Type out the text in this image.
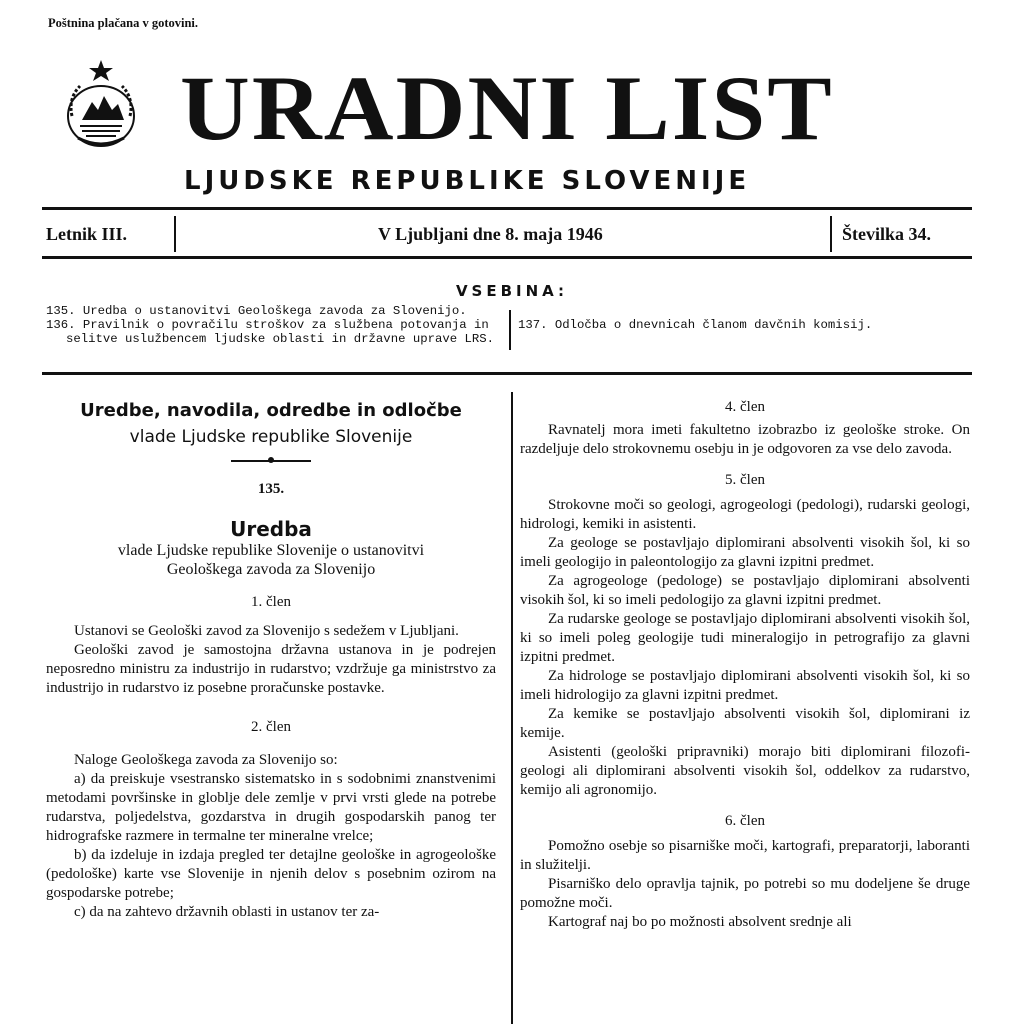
Poštnina plačana v gotovini.
URADNI LIST
LJUDSKE REPUBLIKE SLOVENIJE
Letnik III.	V Ljubljani dne 8. maja 1946	Številka 34.
VSEBINA:
135. Uredba o ustanovitvi Geološkega zavoda za Slovenijo.
136. Pravilnik o povračilu stroškov za službena potovanja in
selitve uslužbencem ljudske oblasti in državne uprave LRS.
137. Odločba o dnevnicah članom davčnih komisij.
Uredbe, navodila, odredbe in odločbe
vlade Ljudske republike Slovenije
135.
Uredba
vlade Ljudske republike Slovenije o ustanovitvi
Geološkega zavoda za Slovenijo
1. člen

Ustanovi se Geološki zavod za Slovenijo s sedežem v Ljubljani.

Geološki zavod je samostojna državna ustanova in je podrejen neposredno ministru za industrijo in rudarstvo; vzdržuje ga ministrstvo za industrijo in rudarstvo iz posebne proračunske postavke.

2. člen

Naloge Geološkega zavoda za Slovenijo so:

a) da preiskuje vsestransko sistematsko in s sodobnimi znanstvenimi metodami površinske in globlje dele zemlje v prvi vrsti glede na potrebe rudarstva, poljedelstva, gozdarstva in drugih gospodarskih panog ter hidrografske razmere in termalne ter mineralne vrelce;

b) da izdeluje in izdaja pregled ter detajlne geološke in agrogeološke (pedološke) karte vse Slovenije in njenih delov s posebnim ozirom na gospodarske potrebe;

c) da na zahtevo državnih oblasti in ustanov ter za-

4. člen

Ravnatelj mora imeti fakultetno izobrazbo iz geološke stroke. On razdeljuje delo strokovnemu osebju in je odgovoren za vse delo zavoda.

5. člen

Strokovne moči so geologi, agrogeologi (pedologi), rudarski geologi, hidrologi, kemiki in asistenti.

Za geologe se postavljajo diplomirani absolventi visokih šol, ki so imeli geologijo in paleontologijo za glavni izpitni predmet.

Za agrogeologe (pedologe) se postavljajo diplomirani absolventi visokih šol, ki so imeli pedologijo za glavni izpitni predmet.

Za rudarske geologe se postavljajo diplomirani absolventi visokih šol, ki so imeli poleg geologije tudi mineralogijo in petrografijo za glavni izpitni predmet.

Za hidrologe se postavljajo diplomirani absolventi visokih šol, ki so imeli hidrologijo za glavni izpitni predmet.

Za kemike se postavljajo absolventi visokih šol, diplomirani iz kemije.

Asistenti (geološki pripravniki) morajo biti diplomirani filozofi-geologi ali diplomirani absolventi visokih šol, oddelkov za rudarstvo, kemijo ali agronomijo.

6. člen

Pomožno osebje so pisarniške moči, kartografi, preparatorji, laboranti in služitelji.

Pisarniško delo opravlja tajnik, po potrebi so mu dodeljene še druge pomožne moči.

Kartograf naj bo po možnosti absolvent srednje ali
